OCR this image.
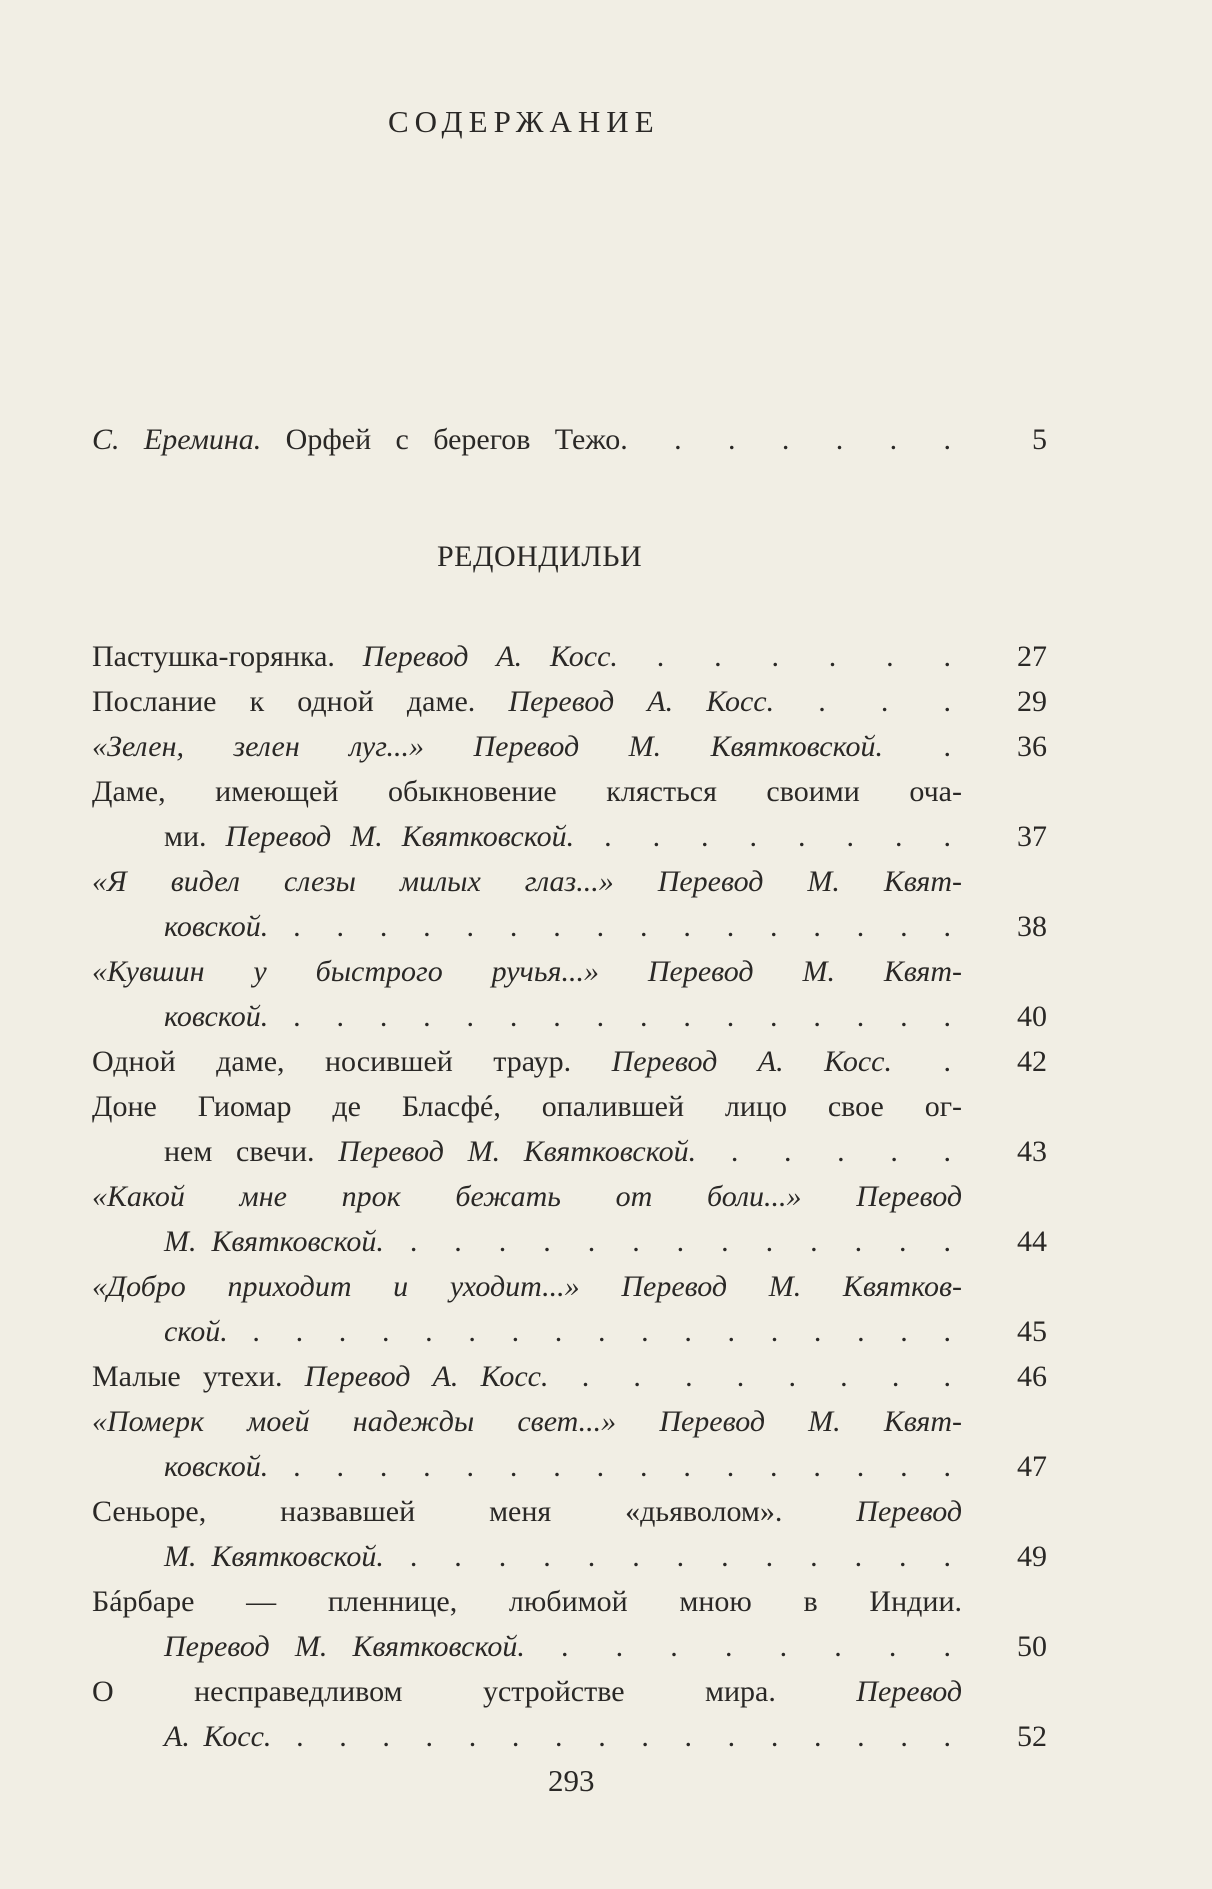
СОДЕРЖАНИЕ
С. Еремина. Орфей с берегов Тежо. . . . . . .	5
РЕДОНДИЛЬИ
Пастушка-горянка. Перевод А. Косс. . . . . . .	27
Послание к одной даме. Перевод А. Косс. . . .	29
«Зелен, зелен луг...» Перевод М. Квятковской. .	36
Даме, имеющей обыкновение клясться своими оча-
ми. Перевод М. Квятковской. . . . . . . . .	37
«Я видел слезы милых глаз...» Перевод М. Квят-
ковской. . . . . . . . . . . . . . . . .	38
«Кувшин у быстрого ручья...» Перевод М. Квят-
ковской. . . . . . . . . . . . . . . . .	40
Одной даме, носившей траур. Перевод А. Косс. .	42
Доне Гиомар де Бласфé, опалившей лицо свое ог-
нем свечи. Перевод М. Квятковской. . . . . .	43
«Какой мне прок бежать от боли...» Перевод
М. Квятковской. . . . . . . . . . . . . .	44
«Добро приходит и уходит...» Перевод М. Квятков-
ской. . . . . . . . . . . . . . . . . .	45
Малые утехи. Перевод А. Косс. . . . . . . . .	46
«Померк моей надежды свет...» Перевод М. Квят-
ковской. . . . . . . . . . . . . . . . .	47
Сеньоре, назвавшей меня «дьяволом». Перевод
М. Квятковской. . . . . . . . . . . . . .	49
Бáрбаре — пленнице, любимой мною в Индии.
Перевод М. Квятковской. . . . . . . . .	50
О несправедливом устройстве мира. Перевод
А. Косс. . . . . . . . . . . . . . . . .	52
293
